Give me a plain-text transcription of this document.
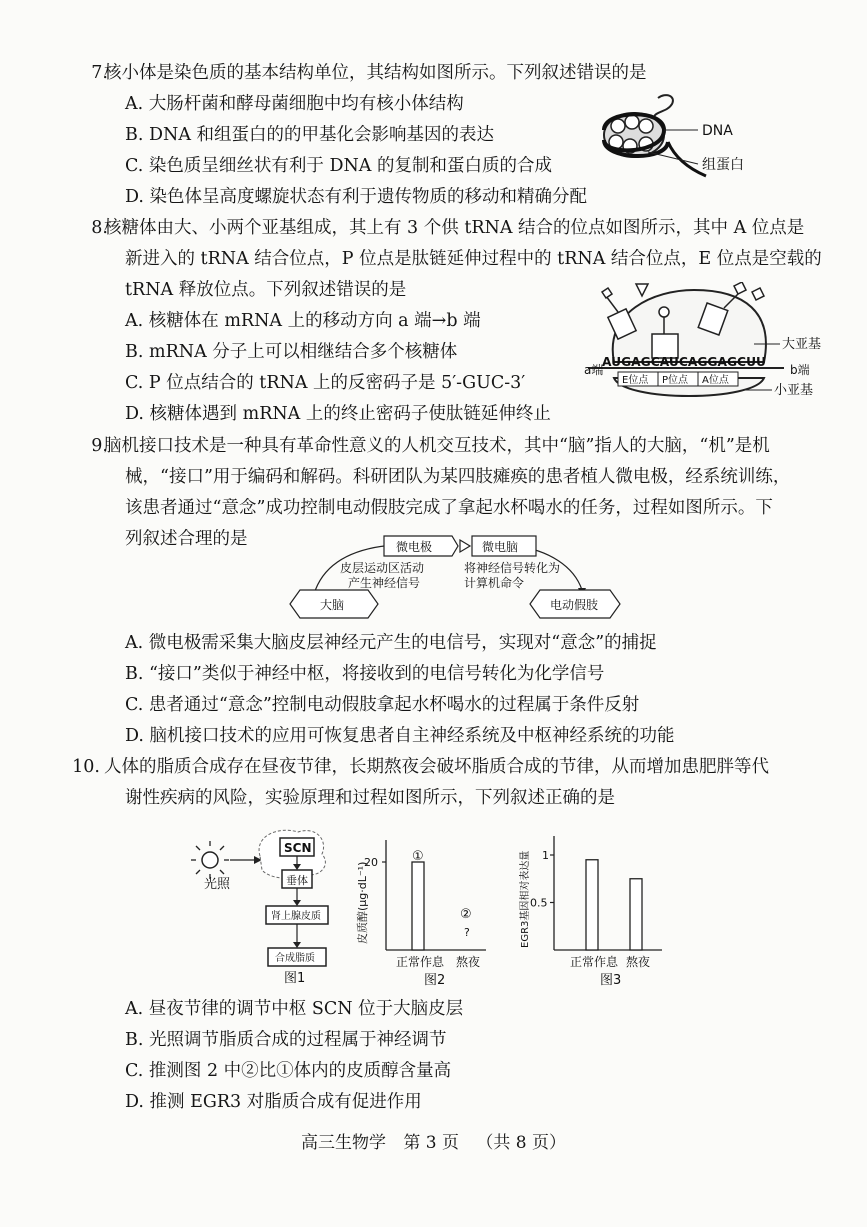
7.
核小体是染色质的基本结构单位，其结构如图所示。下列叙述错误的是
A. 大肠杆菌和酵母菌细胞中均有核小体结构
B. DNA 和组蛋白的的甲基化会影响基因的表达
C. 染色质呈细丝状有利于 DNA 的复制和蛋白质的合成
D. 染色体呈高度螺旋状态有利于遗传物质的移动和精确分配
DNA
组蛋白
8.
核糖体由大、小两个亚基组成，其上有 3 个供 tRNA 结合的位点如图所示，其中 A 位点是
新进入的 tRNA 结合位点，P 位点是肽链延伸过程中的 tRNA 结合位点，E 位点是空载的
tRNA 释放位点。下列叙述错误的是
A. 核糖体在 mRNA 上的移动方向 a 端→b 端
B. mRNA 分子上可以相继结合多个核糖体
C. P 位点结合的 tRNA 上的反密码子是 5′-GUC-3′
D. 核糖体遇到 mRNA 上的终止密码子使肽链延伸终止
AUGAGCAUCAGGAGCUU
E位点 P位点 A位点
a端	b端
大亚基
小亚基
9.
脑机接口技术是一种具有革命性意义的人机交互技术，其中“脑”指人的大脑，“机”是机
械，“接口”用于编码和解码。科研团队为某四肢瘫痪的患者植人微电极，经系统训练，
该患者通过“意念”成功控制电动假肢完成了拿起水杯喝水的任务，过程如图所示。下
列叙述合理的是	微电极	微电脑
皮层运动区活动
产生神经信号
将神经信号转化为
计算机命令
大脑	电动假肢
A. 微电极需采集大脑皮层神经元产生的电信号，实现对“意念”的捕捉
B. “接口”类似于神经中枢，将接收到的电信号转化为化学信号
C. 患者通过“意念”控制电动假肢拿起水杯喝水的过程属于条件反射
D. 脑机接口技术的应用可恢复患者自主神经系统及中枢神经系统的功能
10. 人体的脂质合成存在昼夜节律，长期熬夜会破坏脂质合成的节律，从而增加患肥胖等代
谢性疾病的风险，实验原理和过程如图所示，下列叙述正确的是
光照
SCN
垂体
肾上腺皮质
合成脂质
图1
皮质醇(μg·dL⁻¹)
20	①
②
?
正常作息 熬夜
图2
EGR3基因相对表达量 1
0.5
正常作息 熬夜
图3
A. 昼夜节律的调节中枢 SCN 位于大脑皮层
B. 光照调节脂质合成的过程属于神经调节
C. 推测图 2 中②比①体内的皮质醇含量高
D. 推测 EGR3 对脂质合成有促进作用
高三生物学 第 3 页 （共 8 页）
